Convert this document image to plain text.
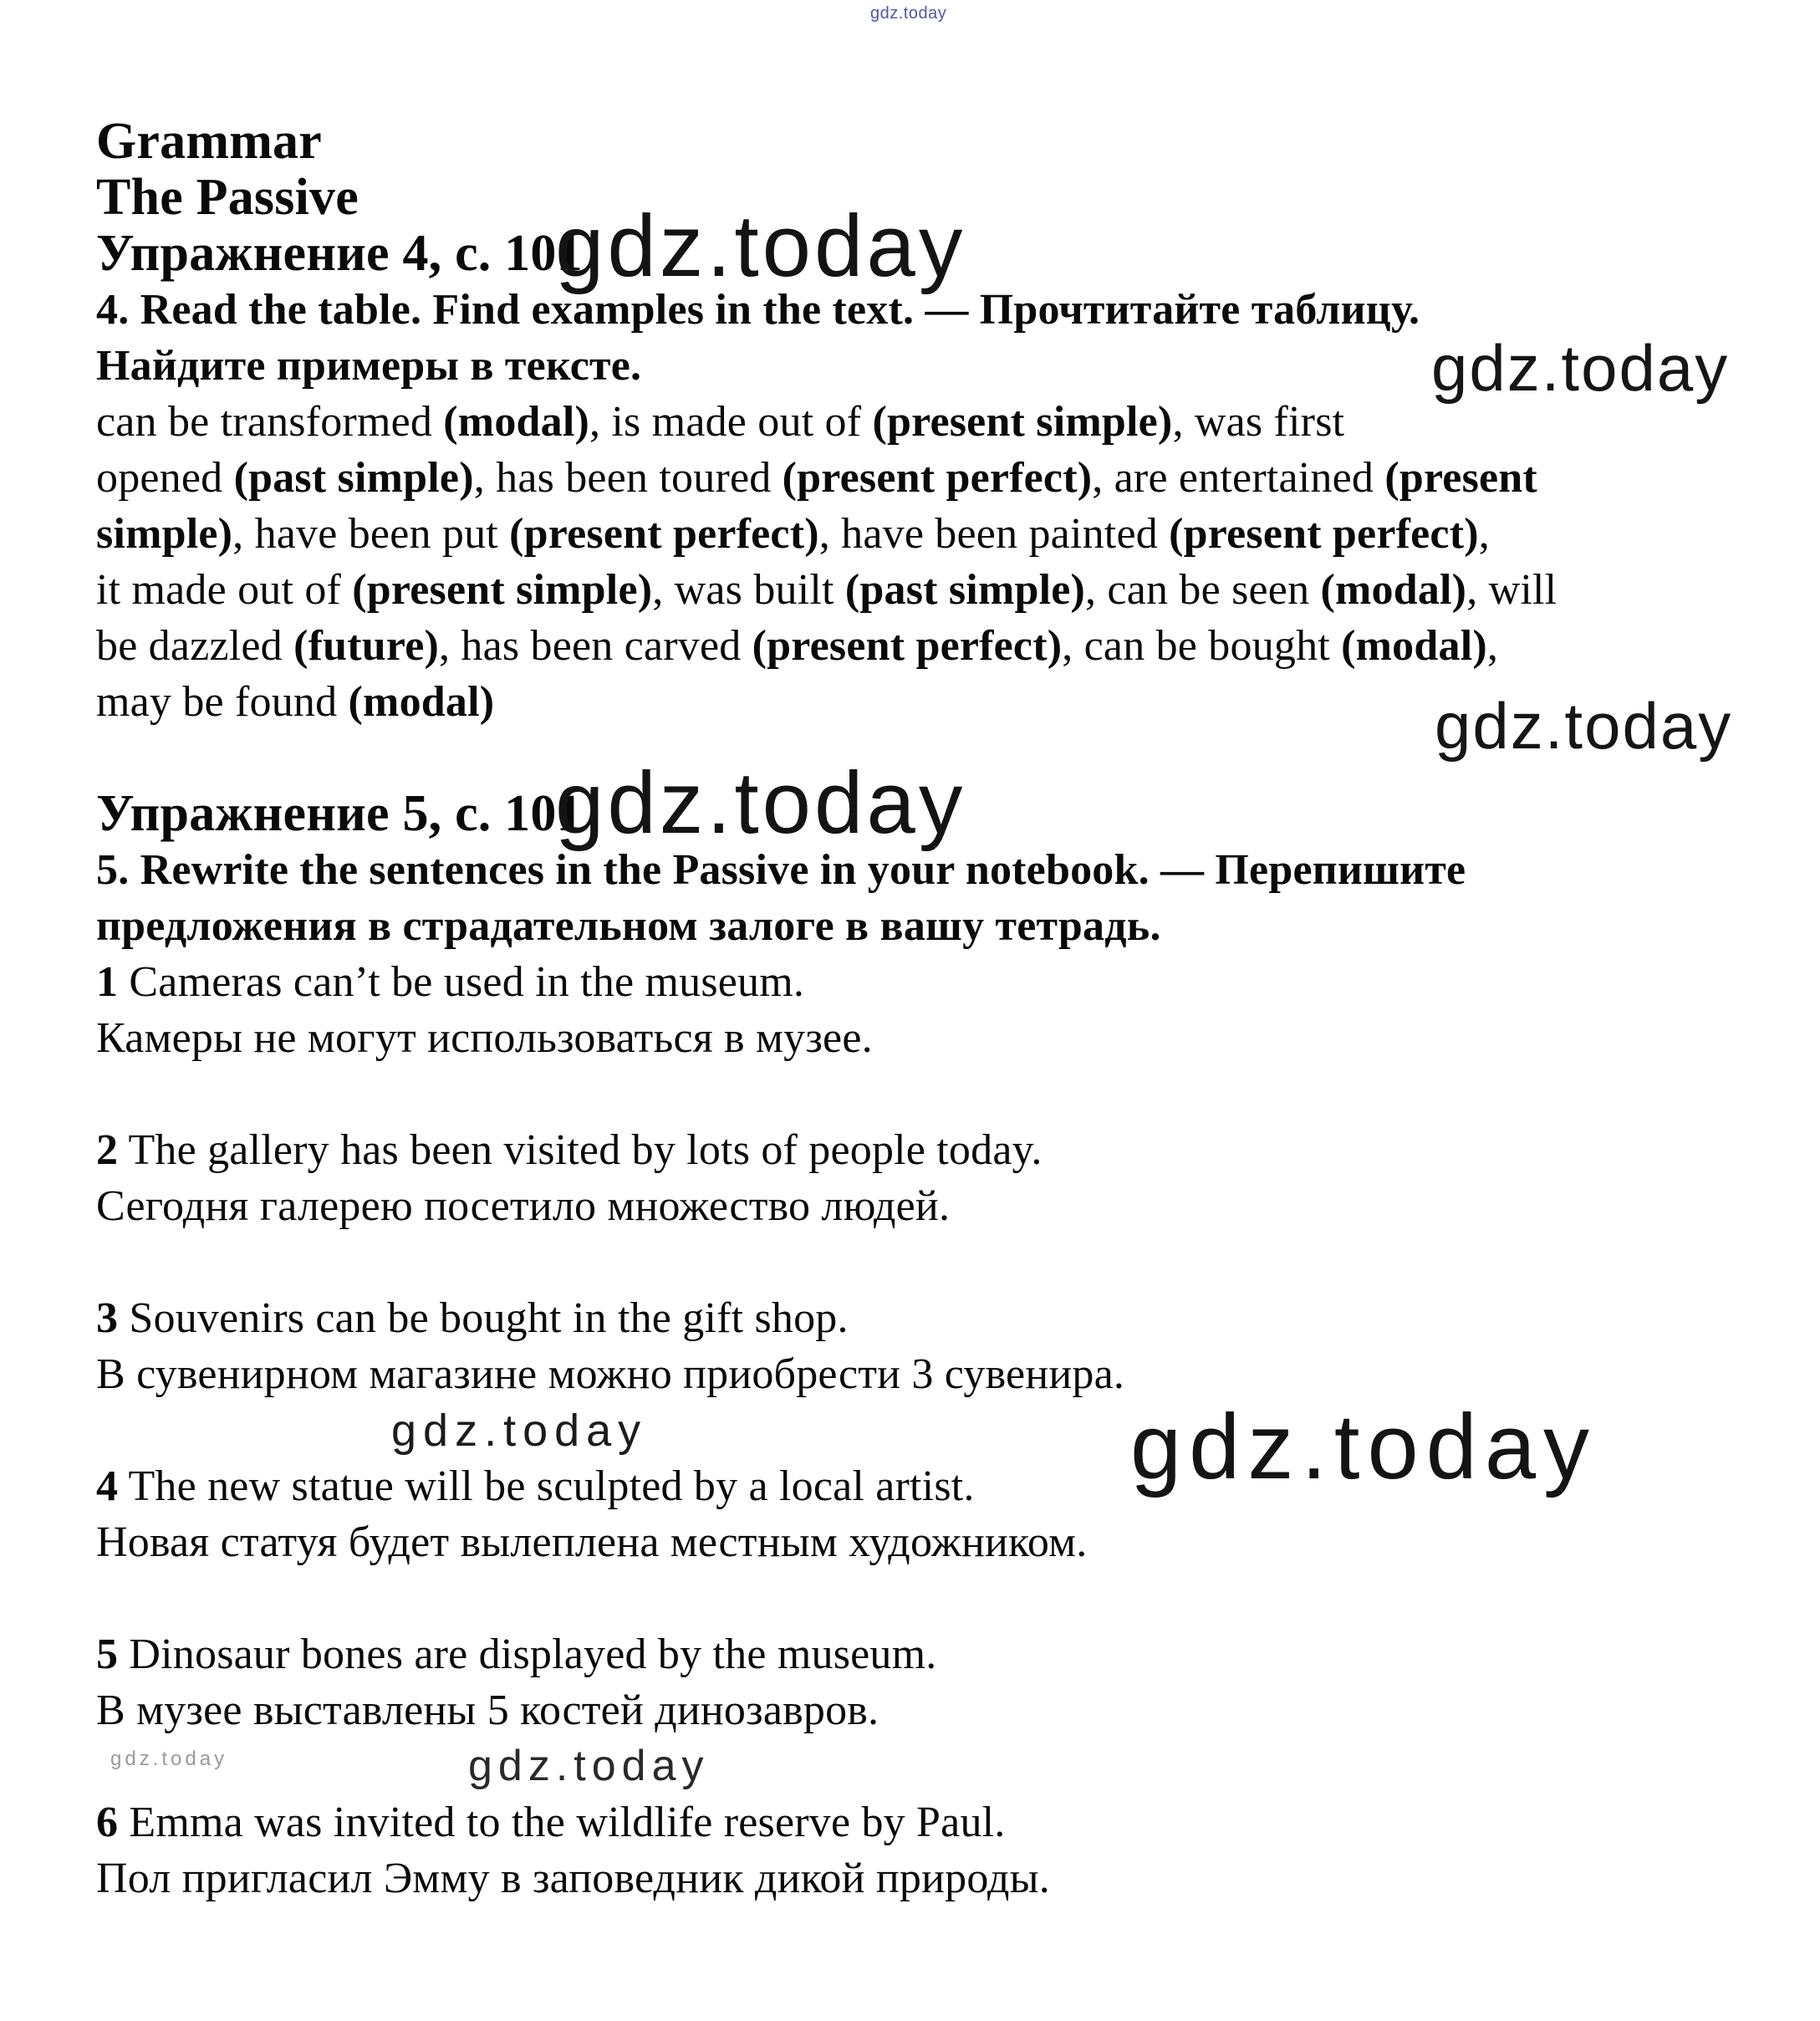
Grammar
The Passive
Упражнение 4, с. 101
4. Read the table. Find examples in the text. — Прочтитайте таблицу.
Найдите примеры в тексте.
can be transformed (modal), is made out of (present simple), was first
opened (past simple), has been toured (present perfect), are entertained (present
simple), have been put (present perfect), have been painted (present perfect),
it made out of (present simple), was built (past simple), can be seen (modal), will
be dazzled (future), has been carved (present perfect), can be bought (modal),
may be found (modal)
Упражнение 5, с. 101
5. Rewrite the sentences in the Passive in your notebook. — Перепишите
предложения в страдательном залоге в вашу тетрадь.
1 Cameras can’t be used in the museum.
Камеры не могут использоваться в музее.
2 The gallery has been visited by lots of people today.
Сегодня галерею посетило множество людей.
3 Souvenirs can be bought in the gift shop.
В сувенирном магазине можно приобрести 3 сувенира.
4 The new statue will be sculpted by a local artist.
Новая статуя будет вылеплена местным художником.
5 Dinosaur bones are displayed by the museum.
В музее выставлены 5 костей динозавров.
6 Emma was invited to the wildlife reserve by Paul.
Пол пригласил Эмму в заповедник дикой природы.
gdz.today
gdz.today
gdz.today
gdz.today
gdz.today
gdz.today	gdz.today
gdz.today	gdz.today
